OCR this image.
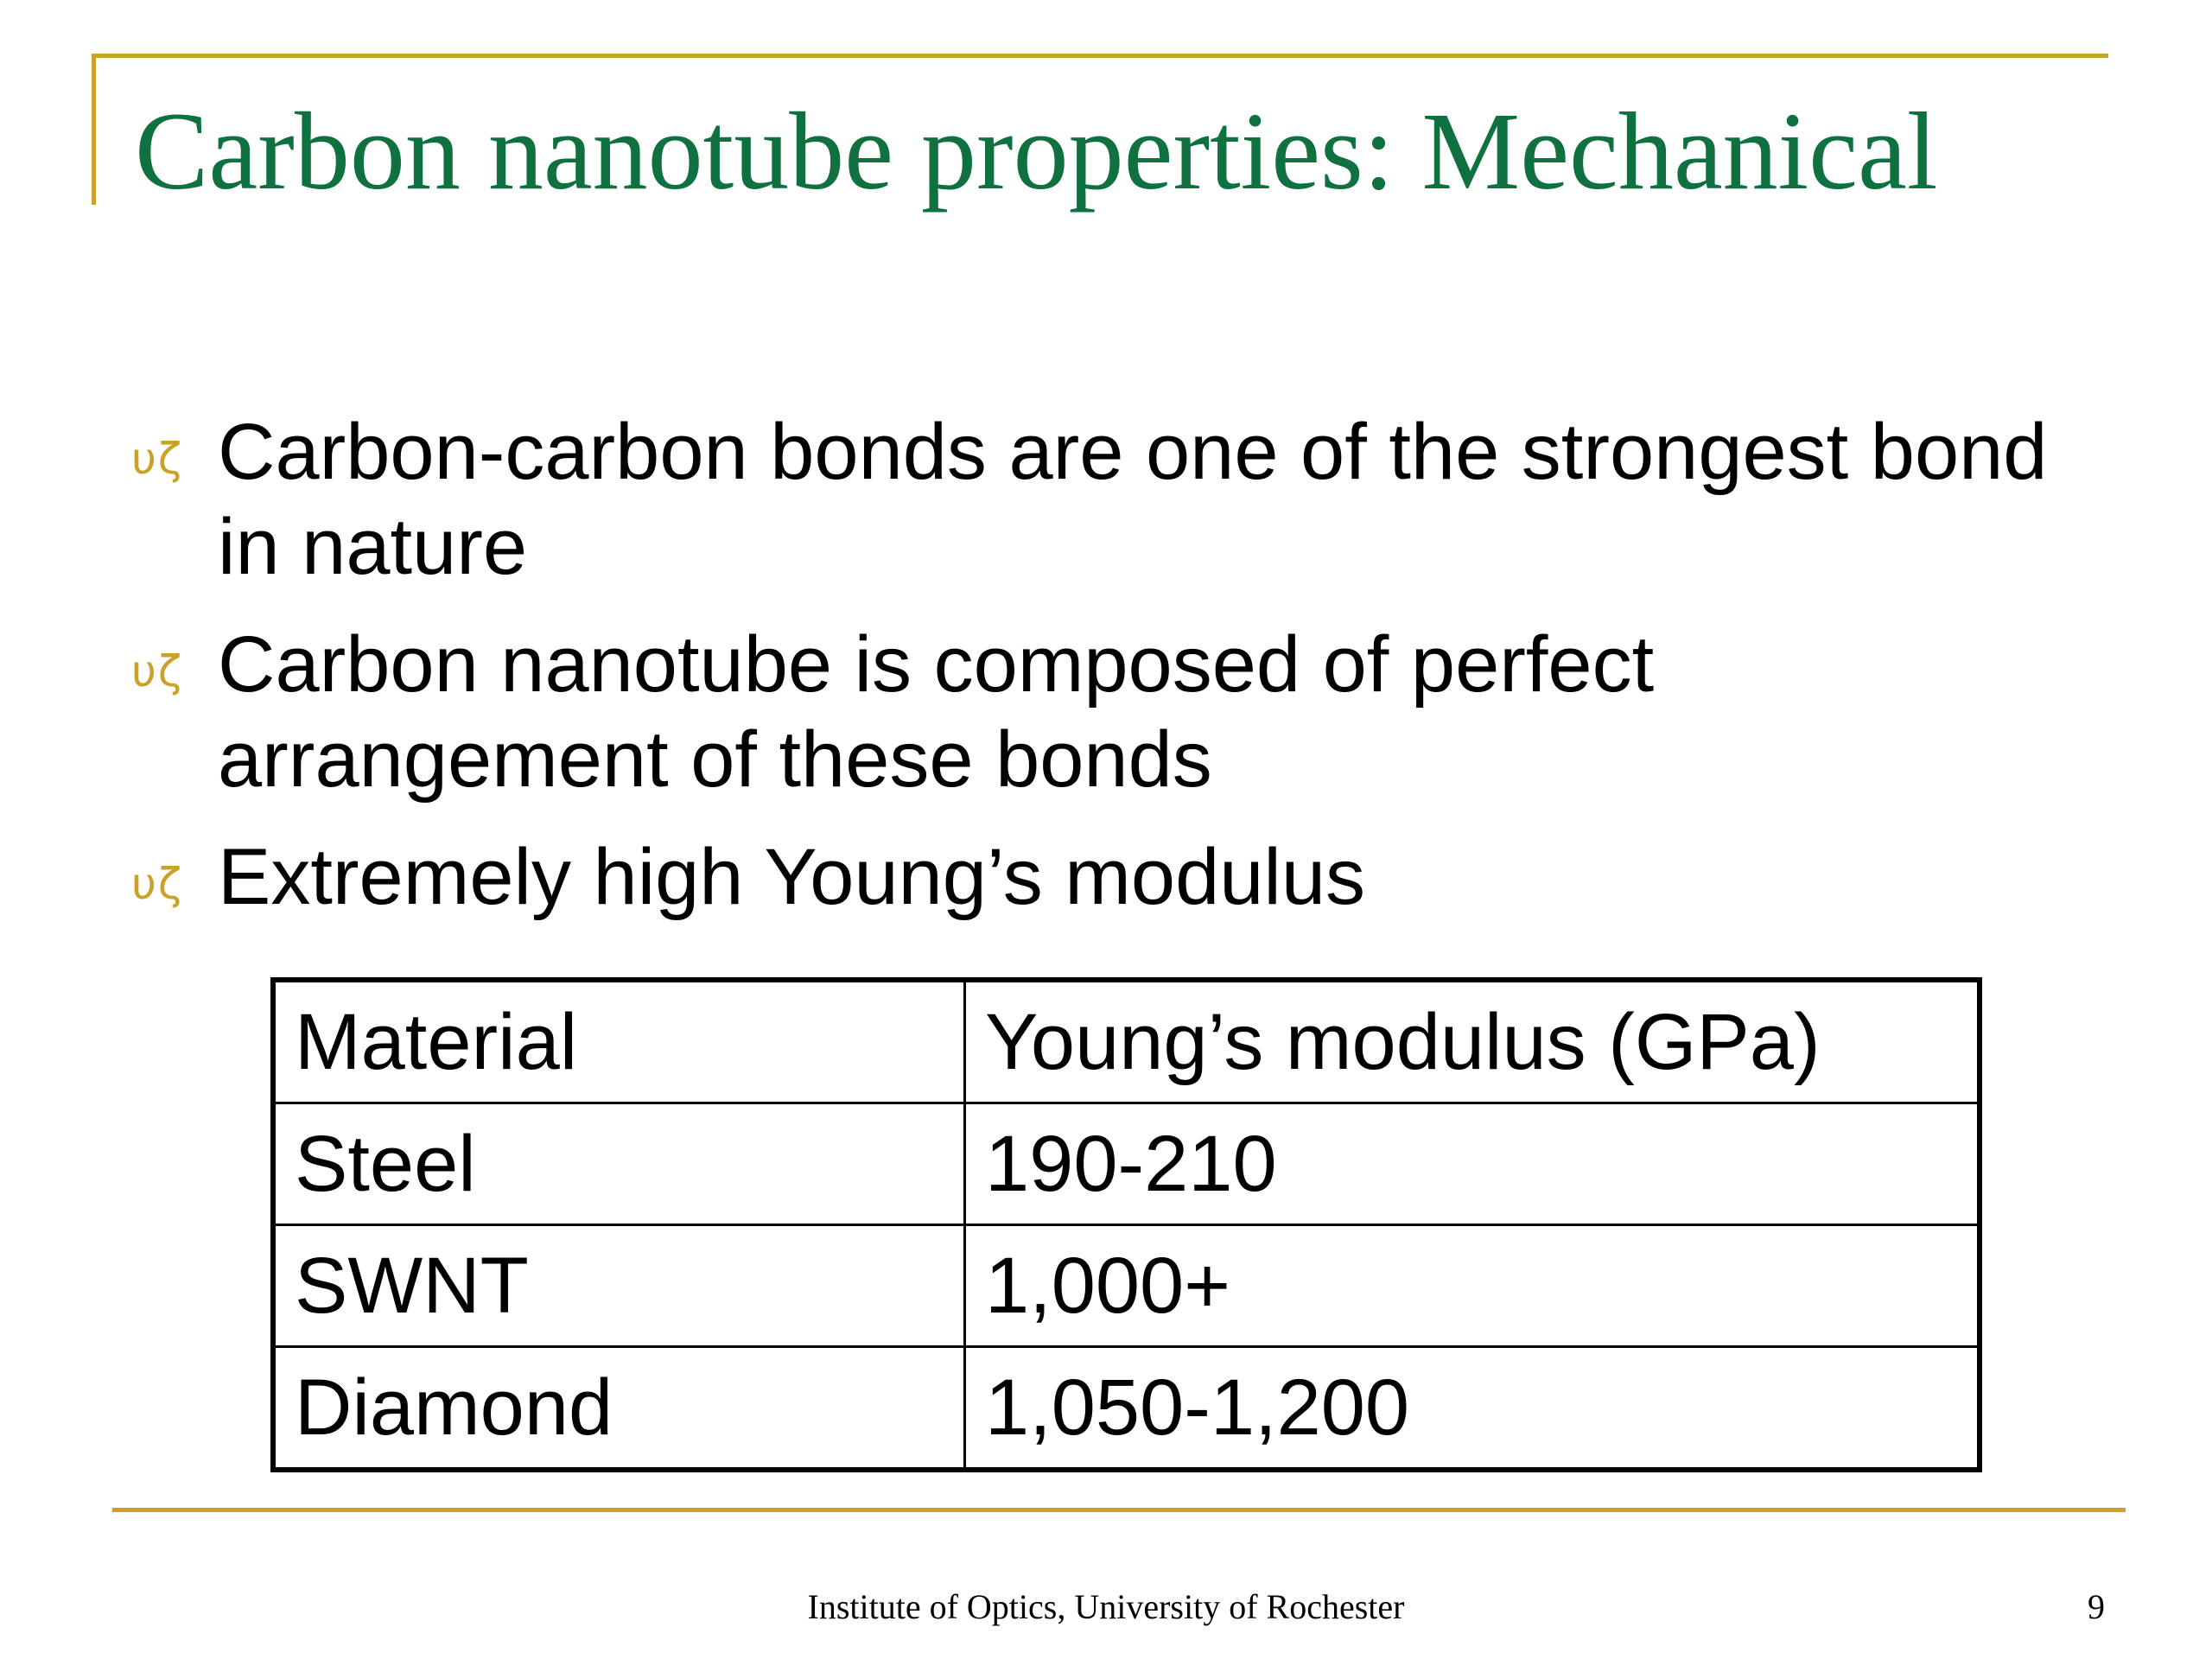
Carbon nanotube properties: Mechanical
υζ Carbon-carbon bonds are one of the strongest bond in nature
υζ Carbon nanotube is composed of perfect arrangement of these bonds
υζ Extremely high Young’s modulus
Material	Young’s modulus (GPa)
Steel	190-210
SWNT	1,000+
Diamond	1,050-1,200
Institute of Optics, University of Rochester	9
